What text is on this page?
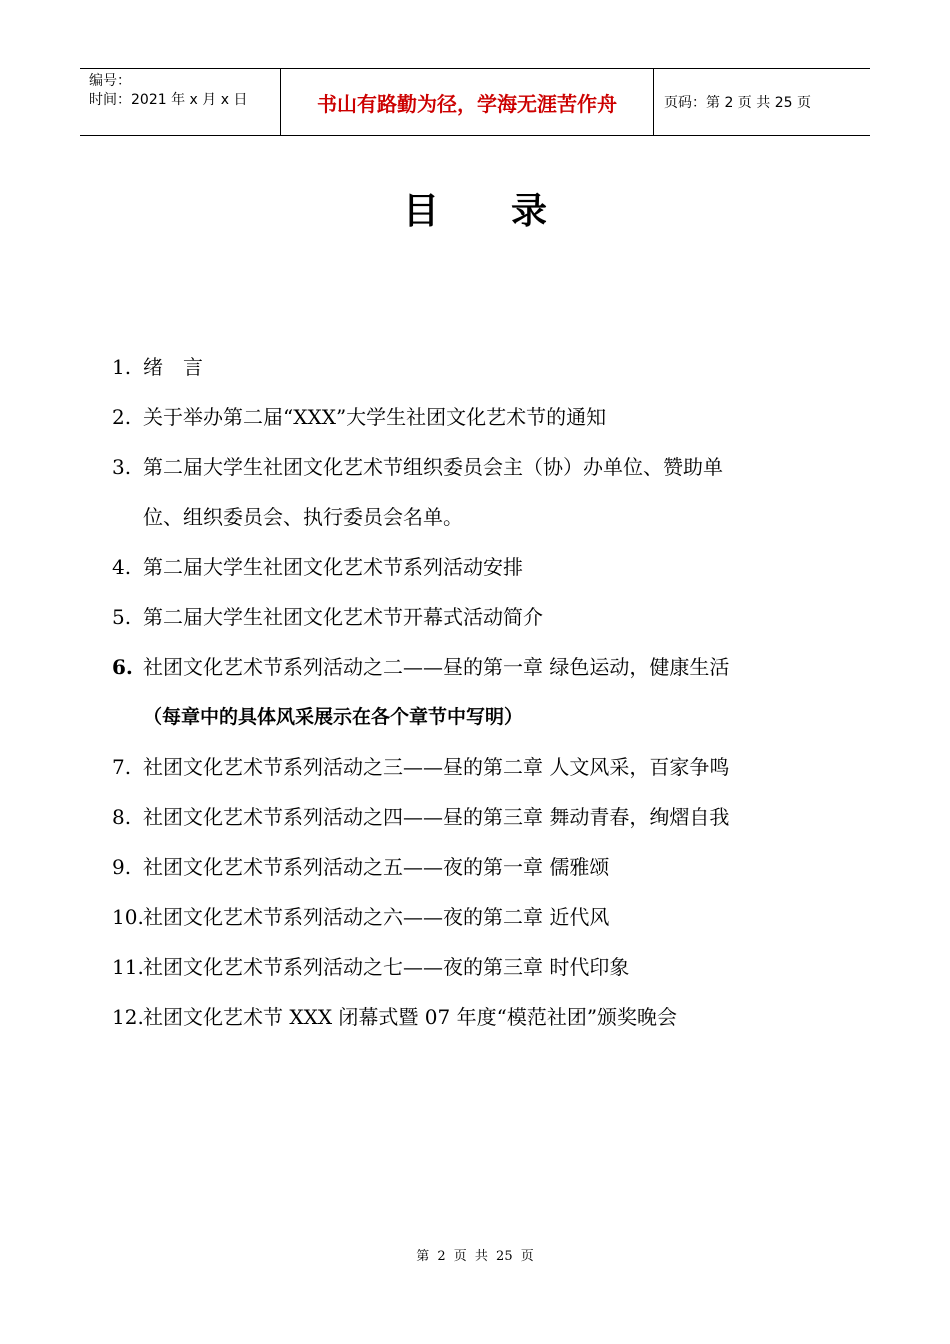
编号：
时间：2021 年 x 月 x 日	书山有路勤为径，学海无涯苦作舟	页码：第 2 页 共 25 页
目录
1. 绪　言
2. 关于举办第二届“XXX”大学生社团文化艺术节的通知
3. 第二届大学生社团文化艺术节组织委员会主（协）办单位、赞助单
位、组织委员会、执行委员会名单。
4. 第二届大学生社团文化艺术节系列活动安排
5. 第二届大学生社团文化艺术节开幕式活动简介
6. 社团文化艺术节系列活动之二——昼的第一章 绿色运动，健康生活
（每章中的具体风采展示在各个章节中写明）
7. 社团文化艺术节系列活动之三——昼的第二章 人文风采，百家争鸣
8. 社团文化艺术节系列活动之四——昼的第三章 舞动青春，绚熠自我
9. 社团文化艺术节系列活动之五——夜的第一章 儒雅颂
10. 社团文化艺术节系列活动之六——夜的第二章 近代风
11. 社团文化艺术节系列活动之七——夜的第三章 时代印象
12. 社团文化艺术节 XXX 闭幕式暨 07 年度“模范社团”颁奖晚会
第 2 页 共 25 页
